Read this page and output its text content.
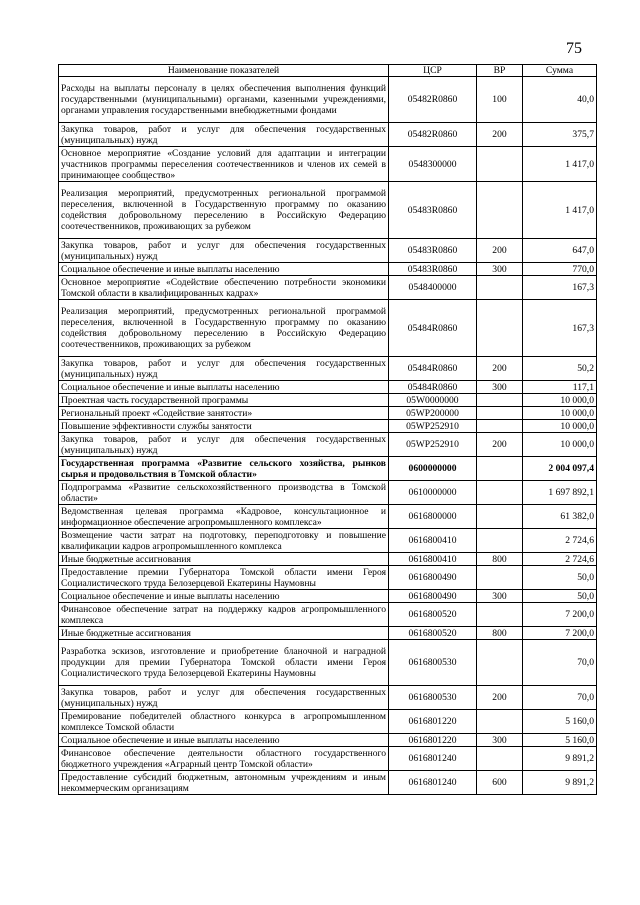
75
Наименование показателей	ЦСР	ВР	Сумма
Расходы на выплаты персоналу в целях обеспечения выполнения функций государственными (муниципальными) органами, казенными учреждениями, органами управления государственными внебюджетными фондами	05482R0860	100	40,0
Закупка товаров, работ и услуг для обеспечения государственных (муниципальных) нужд	05482R0860	200	375,7
Основное мероприятие «Создание условий для адаптации и интеграции участников программы переселения соотечественников и членов их семей в принимающее сообщество»	0548300000		1 417,0
Реализация мероприятий, предусмотренных региональной программой переселения, включенной в Государственную программу по оказанию содействия добровольному переселению в Российскую Федерацию соотечественников, проживающих за рубежом	05483R0860		1 417,0
Закупка товаров, работ и услуг для обеспечения государственных (муниципальных) нужд	05483R0860	200	647,0
Социальное обеспечение и иные выплаты населению	05483R0860	300	770,0
Основное мероприятие «Содействие обеспечению потребности экономики Томской области в квалифицированных кадрах»	0548400000		167,3
Реализация мероприятий, предусмотренных региональной программой переселения, включенной в Государственную программу по оказанию содействия добровольному переселению в Российскую Федерацию соотечественников, проживающих за рубежом	05484R0860		167,3
Закупка товаров, работ и услуг для обеспечения государственных (муниципальных) нужд	05484R0860	200	50,2
Социальное обеспечение и иные выплаты населению	05484R0860	300	117,1
Проектная часть государственной программы	05W0000000		10 000,0
Региональный проект «Содействие занятости»	05WP200000		10 000,0
Повышение эффективности службы занятости	05WP252910		10 000,0
Закупка товаров, работ и услуг для обеспечения государственных (муниципальных) нужд	05WP252910	200	10 000,0
Государственная программа «Развитие сельского хозяйства, рынков сырья и продовольствия в Томской области»	0600000000		2 004 097,4
Подпрограмма «Развитие сельскохозяйственного производства в Томской области»	0610000000		1 697 892,1
Ведомственная целевая программа «Кадровое, консультационное и информационное обеспечение агропромышленного комплекса»	0616800000		61 382,0
Возмещение части затрат на подготовку, переподготовку и повышение квалификации кадров агропромышленного комплекса	0616800410		2 724,6
Иные бюджетные ассигнования	0616800410	800	2 724,6
Предоставление премии Губернатора Томской области имени Героя Социалистического труда Белозерцевой Екатерины Наумовны	0616800490		50,0
Социальное обеспечение и иные выплаты населению	0616800490	300	50,0
Финансовое обеспечение затрат на поддержку кадров агропромышленного комплекса	0616800520		7 200,0
Иные бюджетные ассигнования	0616800520	800	7 200,0
Разработка эскизов, изготовление и приобретение бланочной и наградной продукции для премии Губернатора Томской области имени Героя Социалистического труда Белозерцевой Екатерины Наумовны	0616800530		70,0
Закупка товаров, работ и услуг для обеспечения государственных (муниципальных) нужд	0616800530	200	70,0
Премирование победителей областного конкурса в агропромышленном комплексе Томской области	0616801220		5 160,0
Социальное обеспечение и иные выплаты населению	0616801220	300	5 160,0
Финансовое обеспечение деятельности областного государственного бюджетного учреждения «Аграрный центр Томской области»	0616801240		9 891,2
Предоставление субсидий бюджетным, автономным учреждениям и иным некоммерческим организациям	0616801240	600	9 891,2
